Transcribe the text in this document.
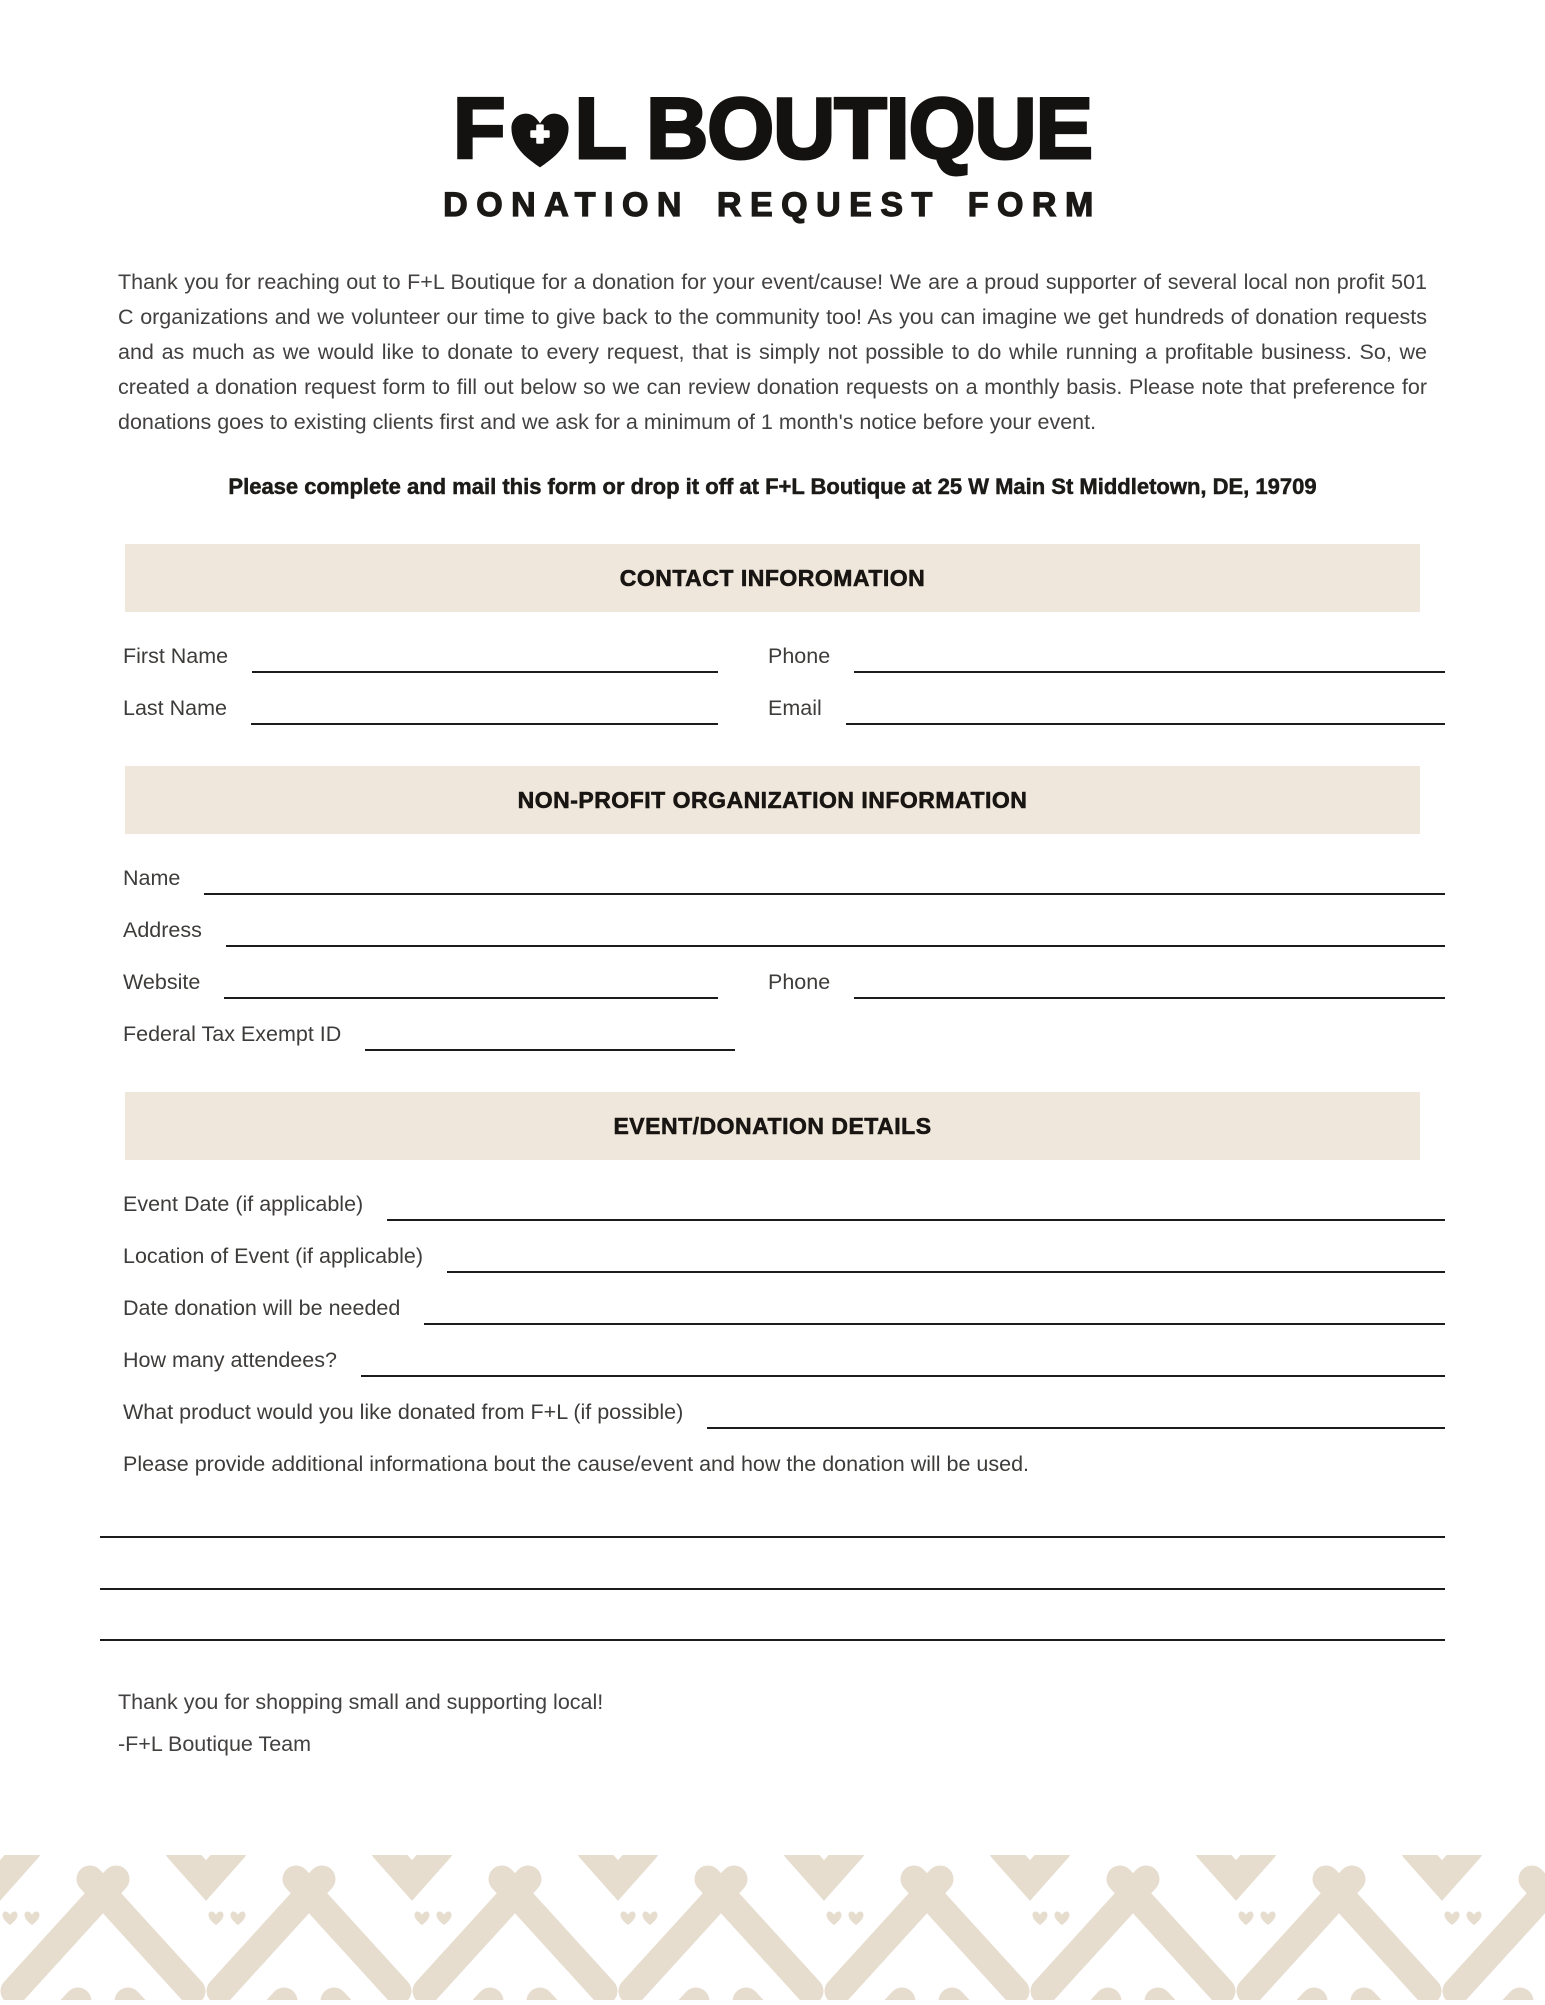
F L BOUTIQUE
DONATION REQUEST FORM

Thank you for reaching out to F+L Boutique for a donation for your event/cause! We are a proud supporter of several local non profit 501 C organizations and we volunteer our time to give back to the community too! As you can imagine we get hundreds of donation requests and as much as we would like to donate to every request, that is simply not possible to do while running a profitable business. So, we created a donation request form to fill out below so we can review donation requests on a monthly basis. Please note that preference for donations goes to existing clients first and we ask for a minimum of 1 month's notice before your event.

Please complete and mail this form or drop it off at F+L Boutique at 25 W Main St Middletown, DE, 19709

CONTACT INFOROMATION
First Name	Phone
Last Name	Email
NON-PROFIT ORGANIZATION INFORMATION
Name
Address
Website	Phone
Federal Tax Exempt ID
EVENT/DONATION DETAILS
Event Date (if applicable)
Location of Event (if applicable)
Date donation will be needed
How many attendees?
What product would you like donated from F+L (if possible)
Please provide additional informationa bout the cause/event and how the donation will be used.
Thank you for shopping small and supporting local!
-F+L Boutique Team
